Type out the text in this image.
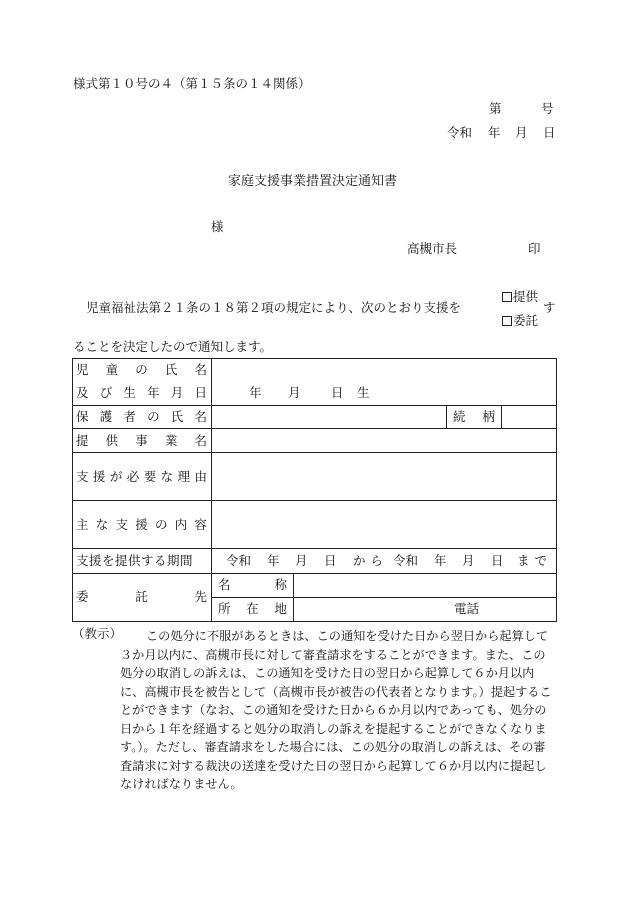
様式第１０号の４（第１５条の１４関係）
第	号
令和 年 月 日
家庭支援事業措置決定通知書
様
高槻市長	印
児童福祉法第２１条の１８第２項の規定により、次のとおり支援を
提供
委託
す
ることを決定したので通知します。
児 童 の 氏 名
及 び 生 年 月 日	年 月 日 生
保 護 者 の 氏 名	続 柄
提 供 事 業 名
支 援 が 必 要 な 理 由
主 な 支 援 の 内 容
支援を提供する期間	令和 年 月 日 か ら 令和 年 月 日 ま で
委	託	先
名	称
所 在 地	電話
（教示）	この処分に不服があるときは、この通知を受けた日から翌日から起算して３か月以内に、高槻市長に対して審査請求をすることができます。また、この処分の取消しの訴えは、この通知を受けた日の翌日から起算して６か月以内に、高槻市長を被告として（高槻市長が被告の代表者となります。）提起することができます（なお、この通知を受けた日から６か月以内であっても、処分の日から１年を経過すると処分の取消しの訴えを提起することができなくなります。）。ただし、審査請求をした場合には、この処分の取消しの訴えは、その審査請求に対する裁決の送達を受けた日の翌日から起算して６か月以内に提起しなければなりません。
